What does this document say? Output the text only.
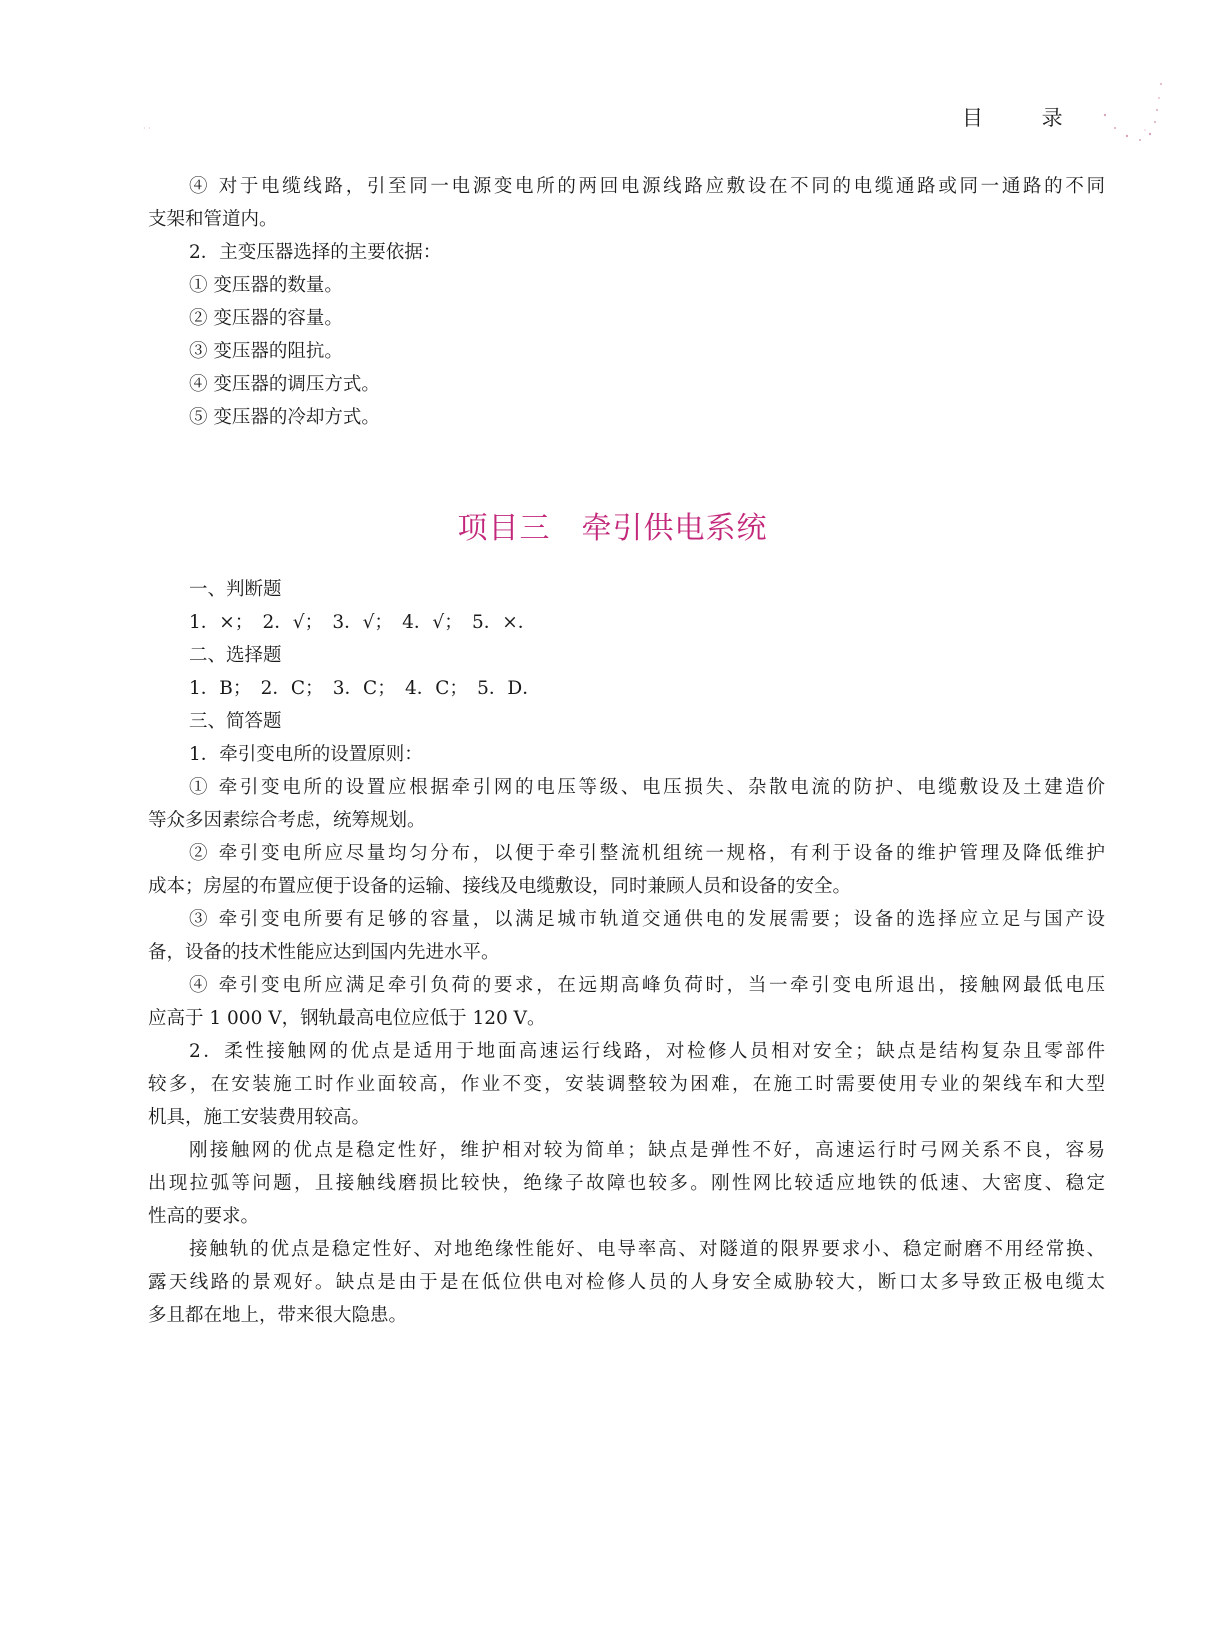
· ·	目 录
④ 对于电缆线路，引至同一电源变电所的两回电源线路应敷设在不同的电缆通路或同一通路的不同
支架和管道内。
2．主变压器选择的主要依据：
① 变压器的数量。
② 变压器的容量。
③ 变压器的阻抗。
④ 变压器的调压方式。
⑤ 变压器的冷却方式。
项目三　牵引供电系统
一、判断题
1．×；　2．√；　3．√；　4．√；　5．×．
二、选择题
1．B；　2．C；　3．C；　4．C；　5．D．
三、简答题
1．牵引变电所的设置原则：
① 牵引变电所的设置应根据牵引网的电压等级、电压损失、杂散电流的防护、电缆敷设及土建造价
等众多因素综合考虑，统筹规划。
② 牵引变电所应尽量均匀分布，以便于牵引整流机组统一规格，有利于设备的维护管理及降低维护
成本；房屋的布置应便于设备的运输、接线及电缆敷设，同时兼顾人员和设备的安全。
③ 牵引变电所要有足够的容量，以满足城市轨道交通供电的发展需要；设备的选择应立足与国产设
备，设备的技术性能应达到国内先进水平。
④ 牵引变电所应满足牵引负荷的要求，在远期高峰负荷时，当一牵引变电所退出，接触网最低电压
应高于 1 000 V，钢轨最高电位应低于 120 V。
2．柔性接触网的优点是适用于地面高速运行线路，对检修人员相对安全；缺点是结构复杂且零部件
较多，在安装施工时作业面较高，作业不变，安装调整较为困难，在施工时需要使用专业的架线车和大型
机具，施工安装费用较高。
刚接触网的优点是稳定性好，维护相对较为简单；缺点是弹性不好，高速运行时弓网关系不良，容易
出现拉弧等问题，且接触线磨损比较快，绝缘子故障也较多。刚性网比较适应地铁的低速、大密度、稳定
性高的要求。
接触轨的优点是稳定性好、对地绝缘性能好、电导率高、对隧道的限界要求小、稳定耐磨不用经常换、
露天线路的景观好。缺点是由于是在低位供电对检修人员的人身安全威胁较大，断口太多导致正极电缆太
多且都在地上，带来很大隐患。
